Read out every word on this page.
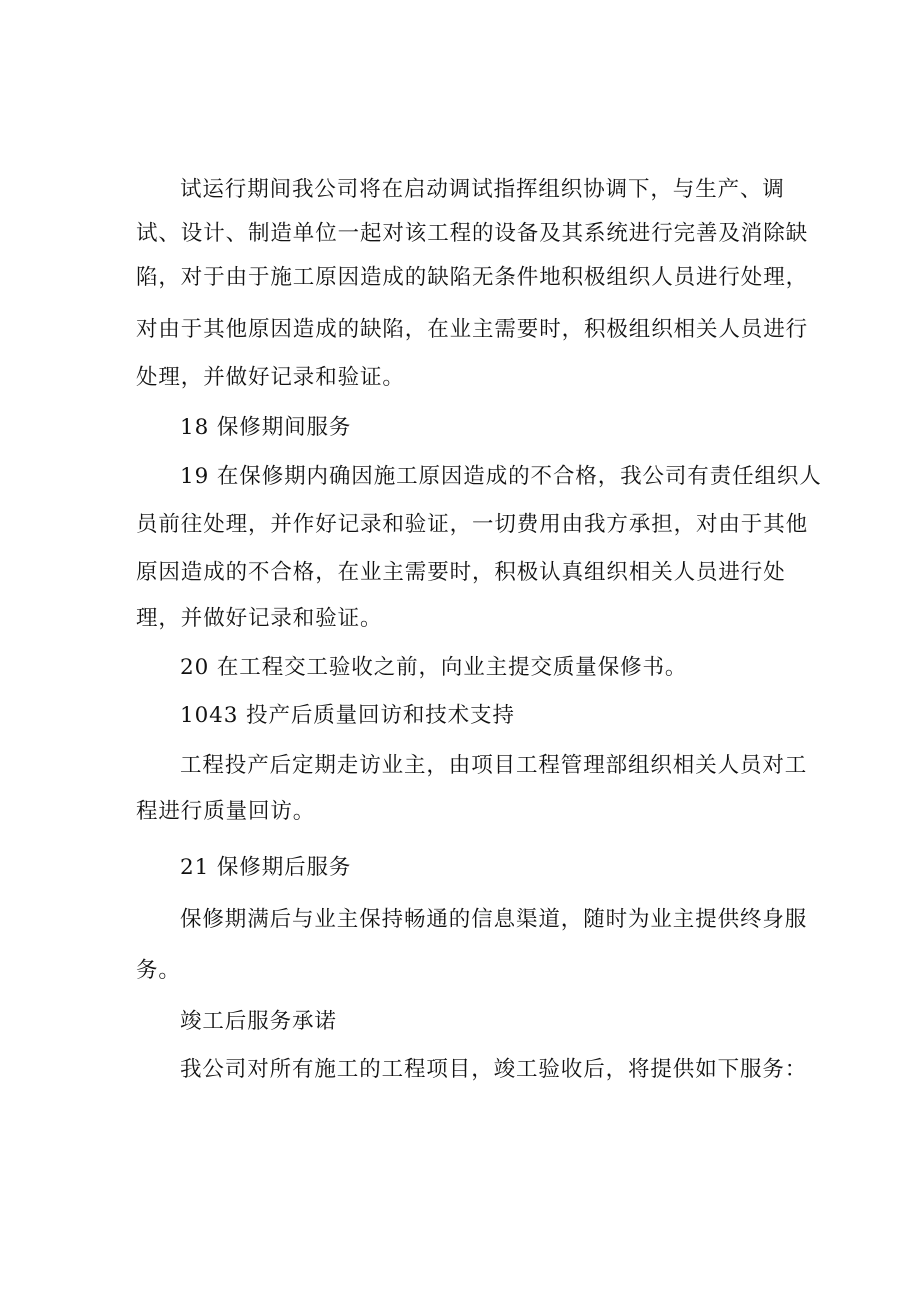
试运行期间我公司将在启动调试指挥组织协调下，与生产、调
试、设计、制造单位一起对该工程的设备及其系统进行完善及消除缺
陷，对于由于施工原因造成的缺陷无条件地积极组织人员进行处理，
对由于其他原因造成的缺陷，在业主需要时，积极组织相关人员进行
处理，并做好记录和验证。
18 保修期间服务
19 在保修期内确因施工原因造成的不合格，我公司有责任组织人
员前往处理，并作好记录和验证，一切费用由我方承担，对由于其他
原因造成的不合格，在业主需要时，积极认真组织相关人员进行处
理，并做好记录和验证。
20 在工程交工验收之前，向业主提交质量保修书。
1043 投产后质量回访和技术支持
工程投产后定期走访业主，由项目工程管理部组织相关人员对工
程进行质量回访。
21 保修期后服务
保修期满后与业主保持畅通的信息渠道，随时为业主提供终身服
务。
竣工后服务承诺
我公司对所有施工的工程项目，竣工验收后，将提供如下服务：
